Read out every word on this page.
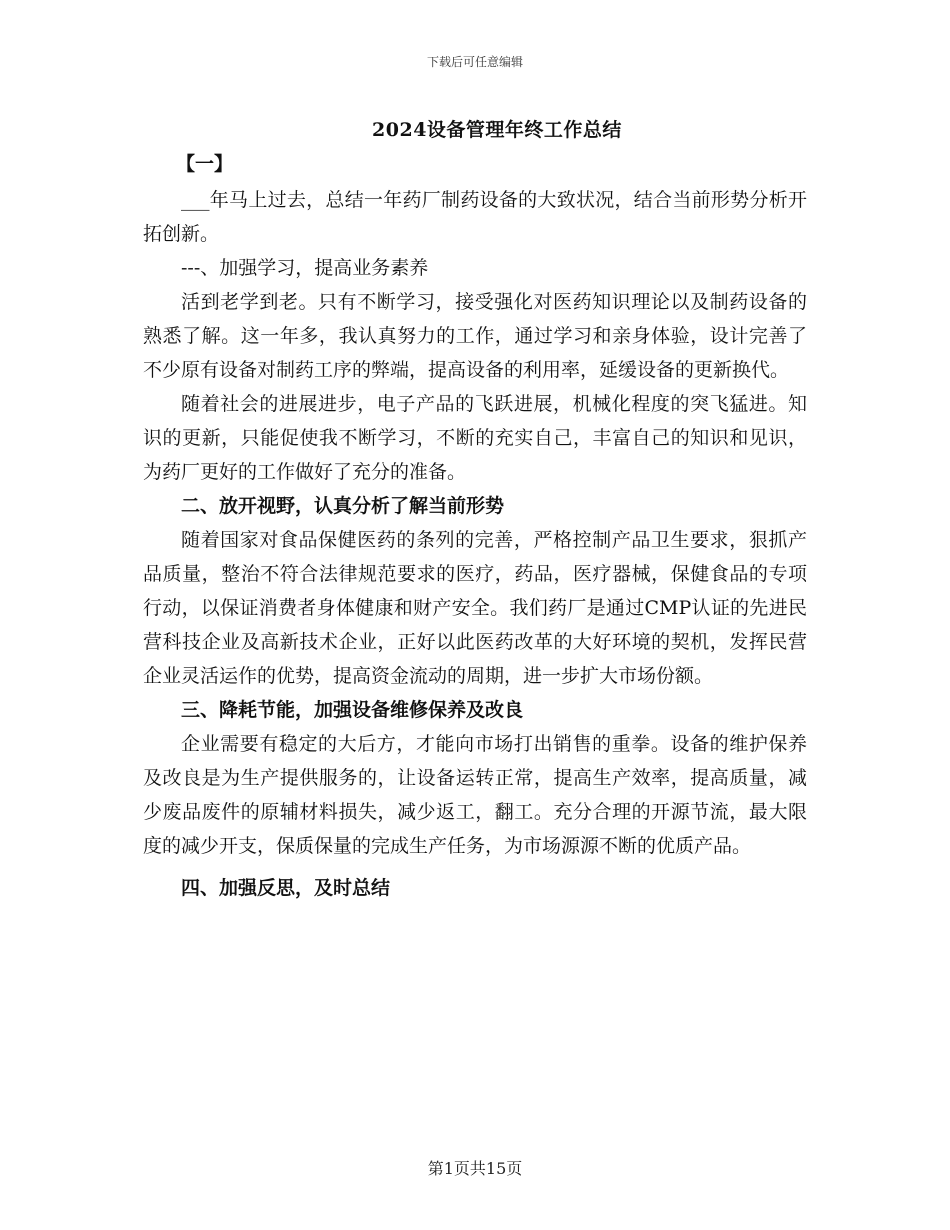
下载后可任意编辑
2024设备管理年终工作总结
【一】

___年马上过去，总结一年药厂制药设备的大致状况，结合当前形势分析开拓创新。

---、加强学习，提高业务素养

活到老学到老。只有不断学习，接受强化对医药知识理论以及制药设备的熟悉了解。这一年多，我认真努力的工作，通过学习和亲身体验，设计完善了不少原有设备对制药工序的弊端，提高设备的利用率，延缓设备的更新换代。

随着社会的进展进步，电子产品的飞跃进展，机械化程度的突飞猛进。知识的更新，只能促使我不断学习，不断的充实自己，丰富自己的知识和见识，为药厂更好的工作做好了充分的准备。

二、放开视野，认真分析了解当前形势

随着国家对食品保健医药的条列的完善，严格控制产品卫生要求，狠抓产品质量，整治不符合法律规范要求的医疗，药品，医疗器械，保健食品的专项行动，以保证消费者身体健康和财产安全。我们药厂是通过CMP认证的先进民营科技企业及高新技术企业，正好以此医药改革的大好环境的契机，发挥民营企业灵活运作的优势，提高资金流动的周期，进一步扩大市场份额。

三、降耗节能，加强设备维修保养及改良

企业需要有稳定的大后方，才能向市场打出销售的重拳。设备的维护保养及改良是为生产提供服务的，让设备运转正常，提高生产效率，提高质量，减少废品废件的原辅材料损失，减少返工，翻工。充分合理的开源节流，最大限度的减少开支，保质保量的完成生产任务，为市场源源不断的优质产品。

四、加强反思，及时总结

第1页共15页
